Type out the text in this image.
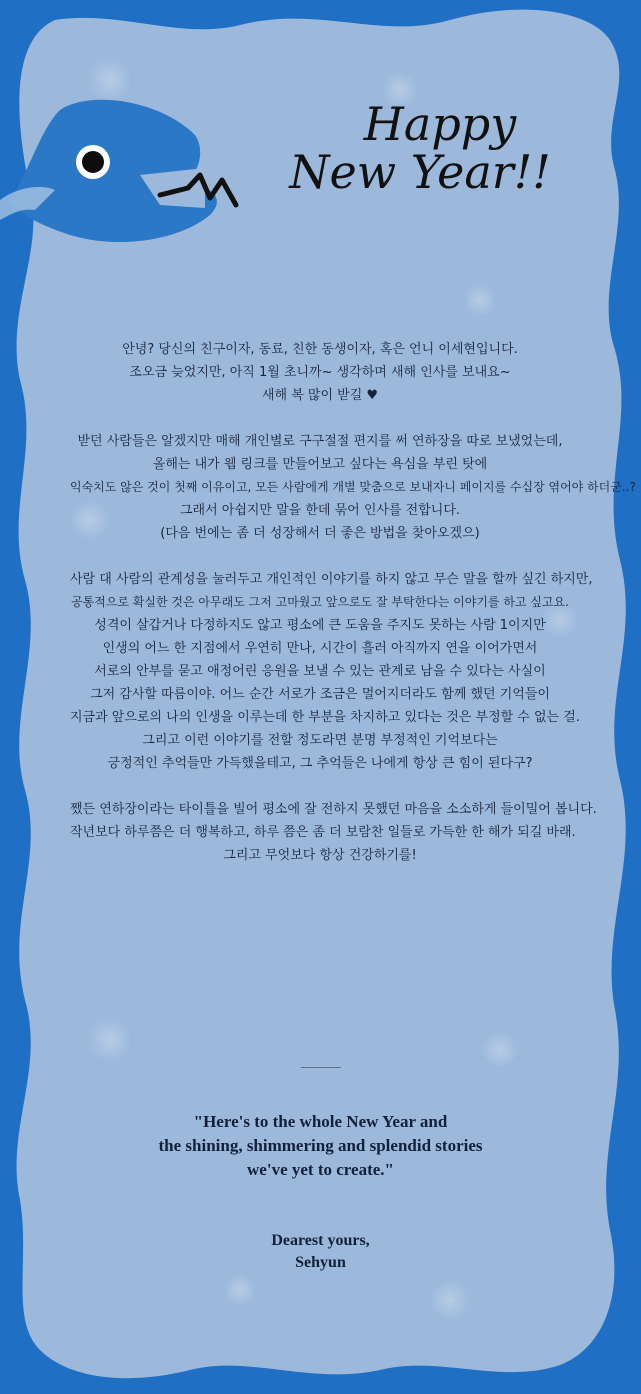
Happy
New Year!!

안녕? 당신의 친구이자, 동료, 친한 동생이자, 혹은 언니 이세현입니다.
조오금 늦었지만, 아직 1월 초니까~ 생각하며 새해 인사를 보내요~
새해 복 많이 받길 ♥

받던 사람들은 알겠지만 매해 개인별로 구구절절 편지를 써 연하장을 따로 보냈었는데,
올해는 내가 웹 링크를 만들어보고 싶다는 욕심을 부린 탓에
익숙치도 않은 것이 첫째 이유이고, 모든 사람에게 개별 맞춤으로 보내자니 페이지를 수십장 엮어야 하더군..?
그래서 아쉽지만 말을 한데 묶어 인사를 전합니다.
(다음 번에는 좀 더 성장해서 더 좋은 방법을 찾아오겠으)

사람 대 사람의 관계성을 눌러두고 개인적인 이야기를 하지 않고 무슨 말을 할까 싶긴 하지만,
공통적으로 확실한 것은 아무래도 그저 고마웠고 앞으로도 잘 부탁한다는 이야기를 하고 싶고요.
성격이 살갑거나 다정하지도 않고 평소에 큰 도움을 주지도 못하는 사람 1이지만
인생의 어느 한 지점에서 우연히 만나, 시간이 흘러 아직까지 연을 이어가면서
서로의 안부를 묻고 애정어린 응원을 보낼 수 있는 관계로 남을 수 있다는 사실이
그저 감사할 따름이야. 어느 순간 서로가 조금은 멀어지더라도 함께 했던 기억들이
지금과 앞으로의 나의 인생을 이루는데 한 부분을 차지하고 있다는 것은 부정할 수 없는 걸.
그리고 이런 이야기를 전할 정도라면 분명 부정적인 기억보다는
긍정적인 추억들만 가득했을테고, 그 추억들은 나에게 항상 큰 힘이 된다구?

쨌든 연하장이라는 타이틀을 빌어 평소에 잘 전하지 못했던 마음을 소소하게 들이밀어 봅니다.
작년보다 하루쯤은 더 행복하고, 하루 쯤은 좀 더 보람찬 일들로 가득한 한 해가 되길 바래.
그리고 무엇보다 항상 건강하기를!

"Here's to the whole New Year and
the shining, shimmering and splendid stories
we've yet to create."
Dearest yours,
Sehyun
